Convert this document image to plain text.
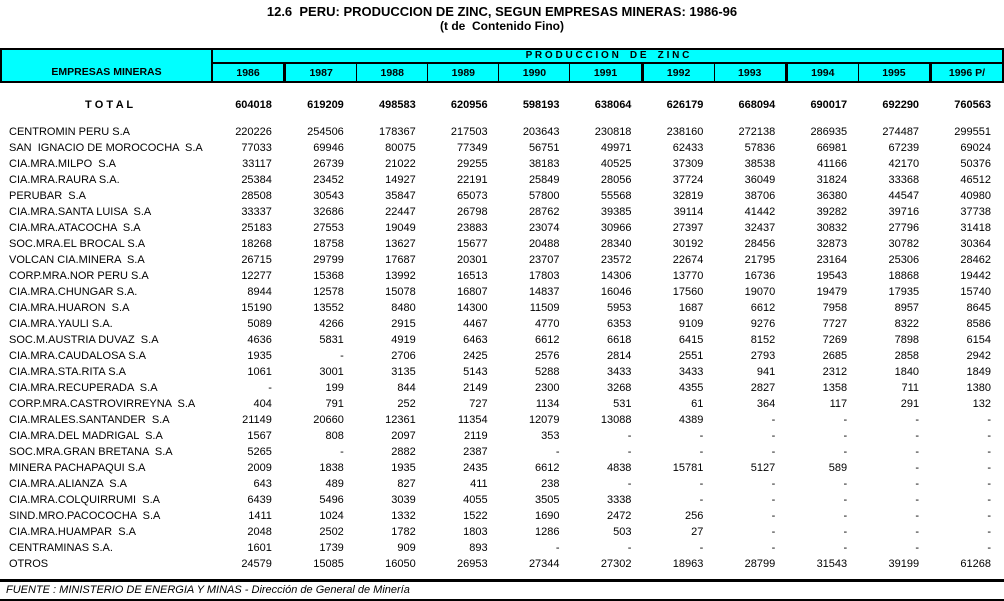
12.6  PERU: PRODUCCION DE ZINC, SEGUN EMPRESAS MINERAS: 1986-96
(t de  Contenido Fino)
EMPRESAS MINERAS
P R O D U C C I O N    D E    Z I N C
1986	1987	1988	1989	1990	1991	1992	1993	1994	1995	1996 P/
T O T A L	604018	619209	498583	620956	598193	638064	626179	668094	690017	692290	760563

CENTROMIN PERU S.A	220226	254506	178367	217503	203643	230818	238160	272138	286935	274487	299551
SAN  IGNACIO DE MOROCOCHA  S.A	77033	69946	80075	77349	56751	49971	62433	57836	66981	67239	69024
CIA.MRA.MILPO  S.A	33117	26739	21022	29255	38183	40525	37309	38538	41166	42170	50376
CIA.MRA.RAURA S.A.	25384	23452	14927	22191	25849	28056	37724	36049	31824	33368	46512
PERUBAR  S.A	28508	30543	35847	65073	57800	55568	32819	38706	36380	44547	40980
CIA.MRA.SANTA LUISA  S.A	33337	32686	22447	26798	28762	39385	39114	41442	39282	39716	37738
CIA.MRA.ATACOCHA  S.A	25183	27553	19049	23883	23074	30966	27397	32437	30832	27796	31418
SOC.MRA.EL BROCAL S.A	18268	18758	13627	15677	20488	28340	30192	28456	32873	30782	30364
VOLCAN CIA.MINERA  S.A	26715	29799	17687	20301	23707	23572	22674	21795	23164	25306	28462
CORP.MRA.NOR PERU S.A	12277	15368	13992	16513	17803	14306	13770	16736	19543	18868	19442
CIA.MRA.CHUNGAR S.A.	8944	12578	15078	16807	14837	16046	17560	19070	19479	17935	15740
CIA.MRA.HUARON  S.A	15190	13552	8480	14300	11509	5953	1687	6612	7958	8957	8645
CIA.MRA.YAULI S.A.	5089	4266	2915	4467	4770	6353	9109	9276	7727	8322	8586
SOC.M.AUSTRIA DUVAZ  S.A	4636	5831	4919	6463	6612	6618	6415	8152	7269	7898	6154
CIA.MRA.CAUDALOSA S.A	1935	-	2706	2425	2576	2814	2551	2793	2685	2858	2942
CIA.MRA.STA.RITA S.A	1061	3001	3135	5143	5288	3433	3433	941	2312	1840	1849
CIA.MRA.RECUPERADA  S.A	-	199	844	2149	2300	3268	4355	2827	1358	711	1380
CORP.MRA.CASTROVIRREYNA  S.A	404	791	252	727	1134	531	61	364	117	291	132
CIA.MRALES.SANTANDER  S.A	21149	20660	12361	11354	12079	13088	4389	-	-	-	-
CIA.MRA.DEL MADRIGAL  S.A	1567	808	2097	2119	353	-	-	-	-	-	-
SOC.MRA.GRAN BRETANA  S.A	5265	-	2882	2387	-	-	-	-	-	-	-
MINERA PACHAPAQUI S.A	2009	1838	1935	2435	6612	4838	15781	5127	589	-	-
CIA.MRA.ALIANZA  S.A	643	489	827	411	238	-	-	-	-	-	-
CIA.MRA.COLQUIRRUMI  S.A	6439	5496	3039	4055	3505	3338	-	-	-	-	-
SIND.MRO.PACOCOCHA  S.A	1411	1024	1332	1522	1690	2472	256	-	-	-	-
CIA.MRA.HUAMPAR  S.A	2048	2502	1782	1803	1286	503	27	-	-	-	-
CENTRAMINAS S.A.	1601	1739	909	893	-	-	-	-	-	-	-
OTROS	24579	15085	16050	26953	27344	27302	18963	28799	31543	39199	61268
FUENTE : MINISTERIO DE ENERGIA Y MINAS - Dirección de General de Minería
